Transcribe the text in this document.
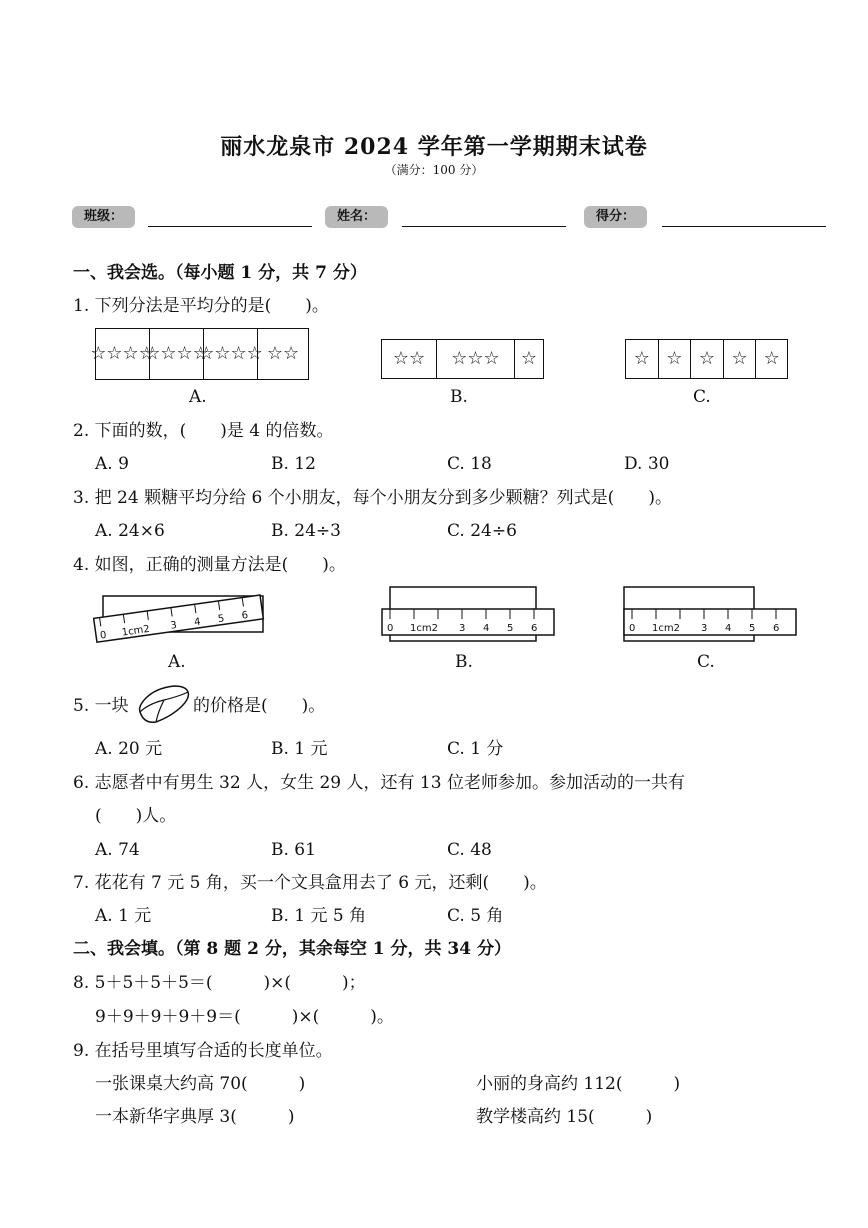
丽水龙泉市 2024 学年第一学期期末试卷
（满分：100 分）
班级：	姓名：	得分：
一、我会选。（每小题 1 分，共 7 分）
1. 下列分法是平均分的是(　　)。
☆☆☆☆
☆☆☆☆
☆☆☆☆ ☆☆	☆☆	☆☆☆	☆	☆ ☆ ☆ ☆ ☆
A.	B.	C.
2. 下面的数，(　　)是 4 的倍数。
A. 9	B. 12	C. 18	D. 30
3. 把 24 颗糖平均分给 6 个小朋友，每个小朋友分到多少颗糖？列式是(　　)。
A. 24×6	B. 24÷3	C. 24÷6
4. 如图，正确的测量方法是(　　)。
0 1cm2 3 4 5 6
0 1cm2 3 4 5 6	0 1cm2 3 4 5 6
A.	B.	C.
5. 一块	的价格是(　　)。
A. 20 元	B. 1 元	C. 1 分
6. 志愿者中有男生 32 人，女生 29 人，还有 13 位老师参加。参加活动的一共有
(　　)人。
A. 74	B. 61	C. 48
7. 花花有 7 元 5 角，买一个文具盒用去了 6 元，还剩(　　)。
A. 1 元	B. 1 元 5 角	C. 5 角
二、我会填。（第 8 题 2 分，其余每空 1 分，共 34 分）
8. 5＋5＋5＋5＝(　　　)×(　　　)；
9＋9＋9＋9＋9＝(　　　)×(　　　)。
9. 在括号里填写合适的长度单位。
一张课桌大约高 70(　　　)	小丽的身高约 112(　　　)
一本新华字典厚 3(　　　)	教学楼高约 15(　　　)
